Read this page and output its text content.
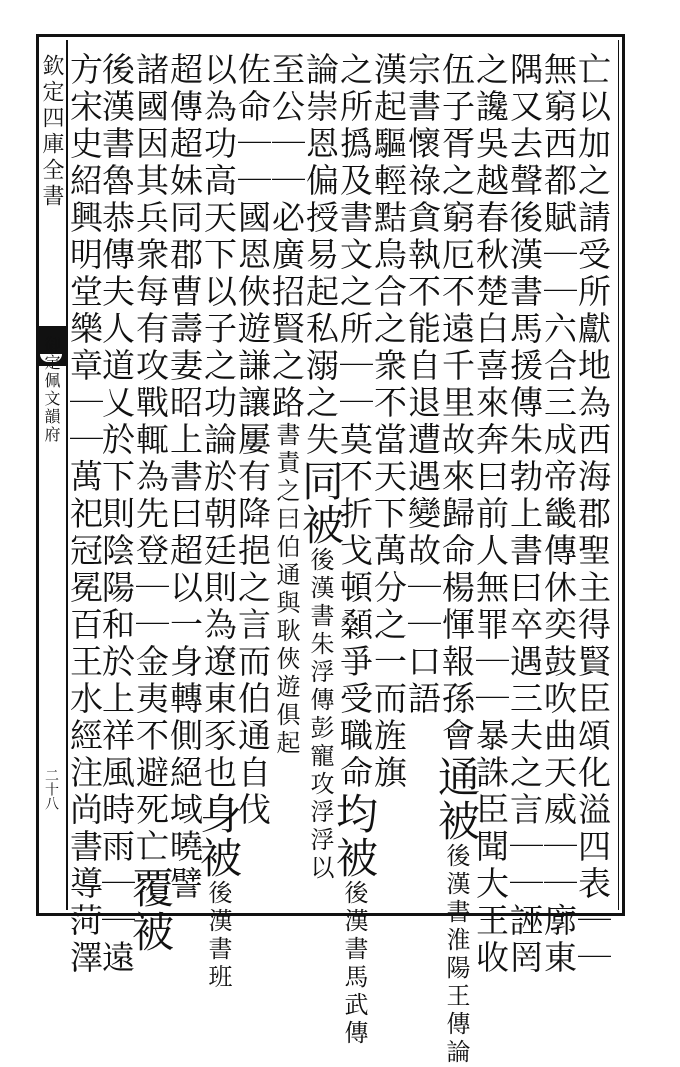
欽定四庫全書
御定佩文韻府
二十八	亡以加之請受所獻地為西海郡聖主得賢臣頌化溢四表｜｜
無窮西都賦｜｜六合三成帝畿傳休奕鼓吹曲天威｜｜廓東
隅又去聲後漢書馬援傳朱勃上書曰卒遇三夫之言｜｜誣罔
之讒吳越春秋楚白喜來奔曰前人無罪｜｜暴誅臣聞大王收
伍子胥之窮厄不遠千里故來歸命楊惲報孫會通被後漢書淮陽王傳論
宗書懷祿貪執不能自退遭遇變故｜｜口語
漢起驅輕黠烏合之衆不當天下萬分之一而旌旗
之所撝及書文之所｜｜莫不折戈頓顙爭受職命均被後漢書馬武傳
論崇恩偏授易起私溺之失同被後漢書朱浮傳彭寵攻浮浮以
至公｜｜必廣招賢之路書責之曰伯通與耿俠遊俱起
佐命｜｜國恩俠遊謙讓屢有降挹之言而伯通自伐
以為功高天下以子之功論於朝廷則為遼東豕也身被後漢書班
超傳超妹同郡曹壽妻昭上書曰超以一身轉側絕域曉譬
諸國因其兵衆每有攻戰輒為先登｜｜金夷不避死亡覆被
後漢書魯恭傳夫人道乂於下則陰陽和於上祥風時雨｜｜遠
方宋史紹興明堂樂章｜｜萬祀冠冕百王水經注尚書導菏澤
